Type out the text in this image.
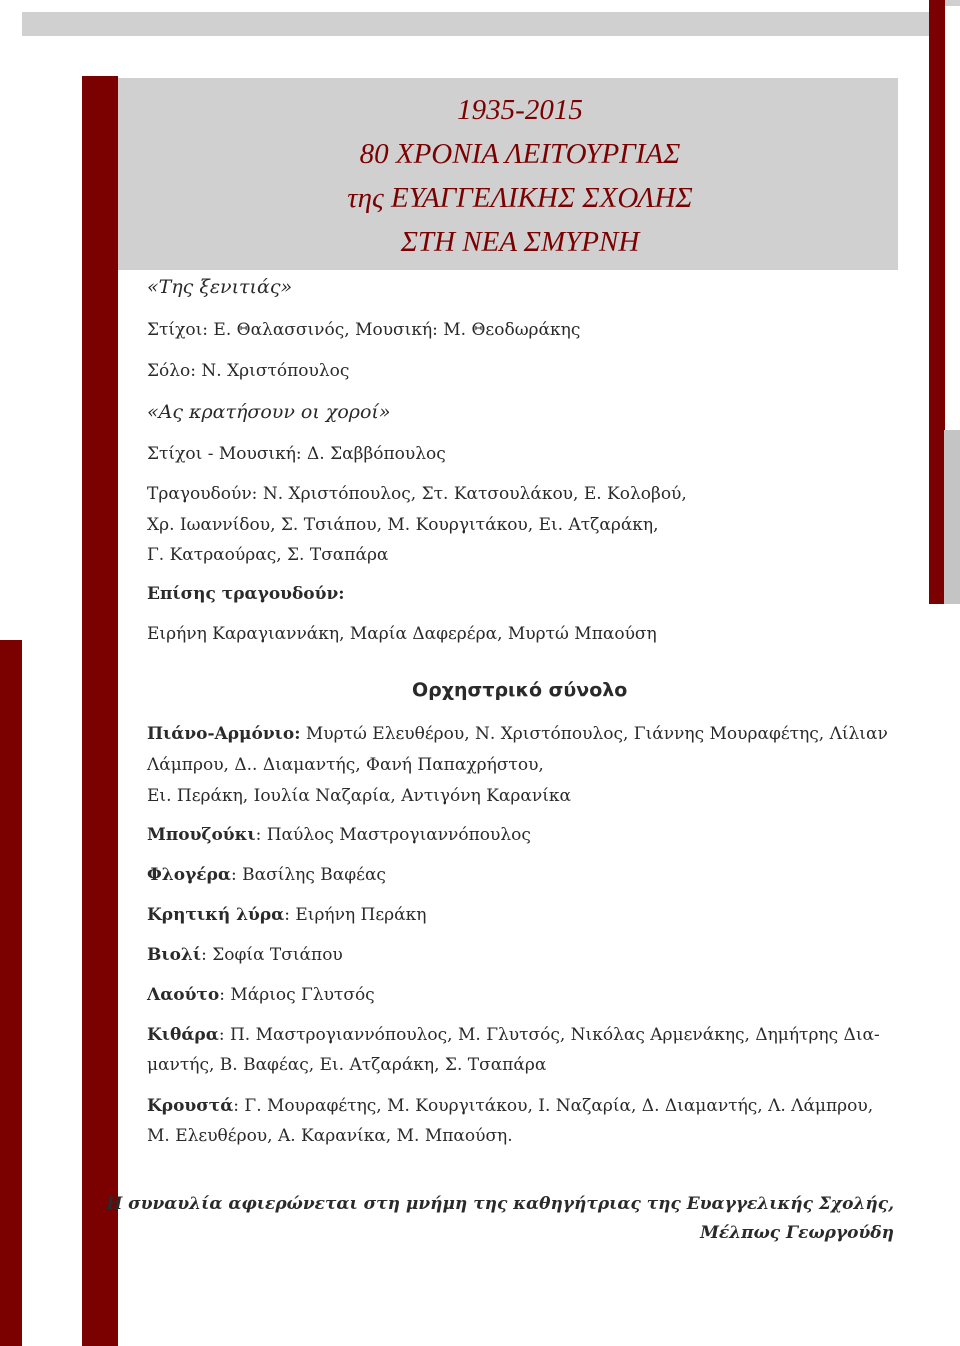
1935-2015
80 ΧΡΟΝΙΑ ΛΕΙΤΟΥΡΓΙΑΣ
της ΕΥΑΓΓΕΛΙΚΗΣ ΣΧΟΛΗΣ
ΣΤΗ ΝΕΑ ΣΜΥΡΝΗ
«Της ξενιτιάς»
Στίχοι: Ε. Θαλασσινός, Μουσική: Μ. Θεοδωράκης
Σόλο: Ν. Χριστόπουλος
«Ας κρατήσουν οι χοροί»
Στίχοι - Μουσική: Δ. Σαββόπουλος
Τραγουδούν: Ν. Χριστόπουλος, Στ. Κατσουλάκου, Ε. Κολοβού,
Χρ. Ιωαννίδου, Σ. Τσιάπου, Μ. Κουργιτάκου, Ει. Ατζαράκη,
Γ. Κατραούρας, Σ. Τσαπάρα
Επίσης τραγουδούν:
Ειρήνη Καραγιαννάκη, Μαρία Δαφερέρα, Μυρτώ Μπαούση
Ορχηστρικό σύνολο
Πιάνο-Αρμόνιο: Μυρτώ Ελευθέρου, Ν. Χριστόπουλος, Γιάννης Μουραφέτης, Λίλιαν
Λάμπρου, Δ.. Διαμαντής, Φανή Παπαχρήστου,
Ει. Περάκη, Ιουλία Ναζαρία, Αντιγόνη Καρανίκα
Μπουζούκι: Παύλος Μαστρογιαννόπουλος
Φλογέρα: Βασίλης Βαφέας
Κρητική λύρα: Ειρήνη Περάκη
Βιολί: Σοφία Τσιάπου
Λαούτο: Μάριος Γλυτσός
Κιθάρα: Π. Μαστρογιαννόπουλος, Μ. Γλυτσός, Νικόλας Αρμενάκης, Δημήτρης Δια-
μαντής, Β. Βαφέας, Ει. Ατζαράκη, Σ. Τσαπάρα
Κρουστά: Γ. Μουραφέτης, Μ. Κουργιτάκου, Ι. Ναζαρία, Δ. Διαμαντής, Λ. Λάμπρου,
Μ. Ελευθέρου, Α. Καρανίκα, Μ. Μπαούση.
Η συναυλία αφιερώνεται στη μνήμη της καθηγήτριας της Ευαγγελικής Σχολής,
Μέλπως Γεωργούδη
